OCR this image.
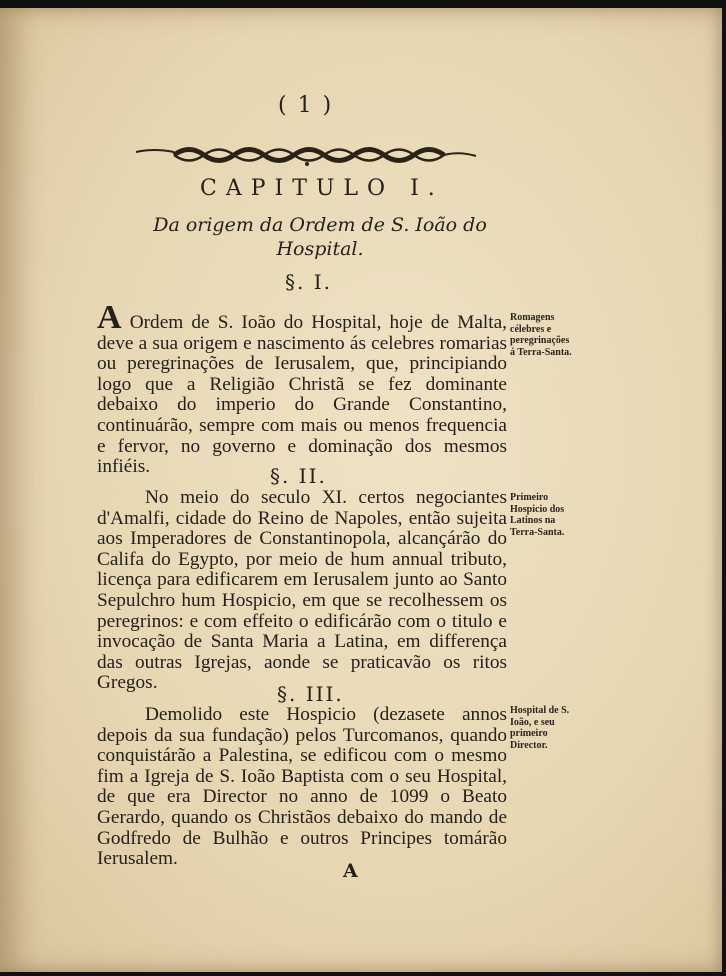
( 1 )
CAPITULO I.
Da origem da Ordem de S. Ioão do Hospital.
§. I.

A Ordem de S. Ioão do Hospital, hoje de Malta, deve a sua origem e nascimento ás celebres romarias ou peregrinações de Ierusalem, que, principiando logo que a Religião Christã se fez dominante debaixo do imperio do Grande Constantino, continuárão, sempre com mais ou menos frequencia e fervor, no governo e dominação dos mesmos infiéis.

Romagens célebres e peregrinações á Terra-Santa.
§. II.

No meio do seculo XI. certos negociantes d'Amalfi, cidade do Reino de Napoles, então sujeita aos Imperadores de Constantinopola, alcançárão do Califa do Egypto, por meio de hum annual tributo, licença para edificarem em Ierusalem junto ao Santo Sepulchro hum Hospicio, em que se recolhessem os peregrinos: e com effeito o edificárão com o titulo e invocação de Santa Maria a Latina, em differença das outras Igrejas, aonde se praticavão os ritos Gregos.

Primeiro Hospicio dos Latinos na Terra-Santa.
§. III.

Demolido este Hospicio (dezasete annos depois da sua fundação) pelos Turcomanos, quando conquistárão a Palestina, se edificou com o mesmo fim a Igreja de S. Ioão Baptista com o seu Hospital, de que era Director no anno de 1099 o Beato Gerardo, quando os Christãos debaixo do mando de Godfredo de Bulhão e outros Principes tomárão Ierusalem.

Hospital de S. Ioão, e seu primeiro Director.
A
